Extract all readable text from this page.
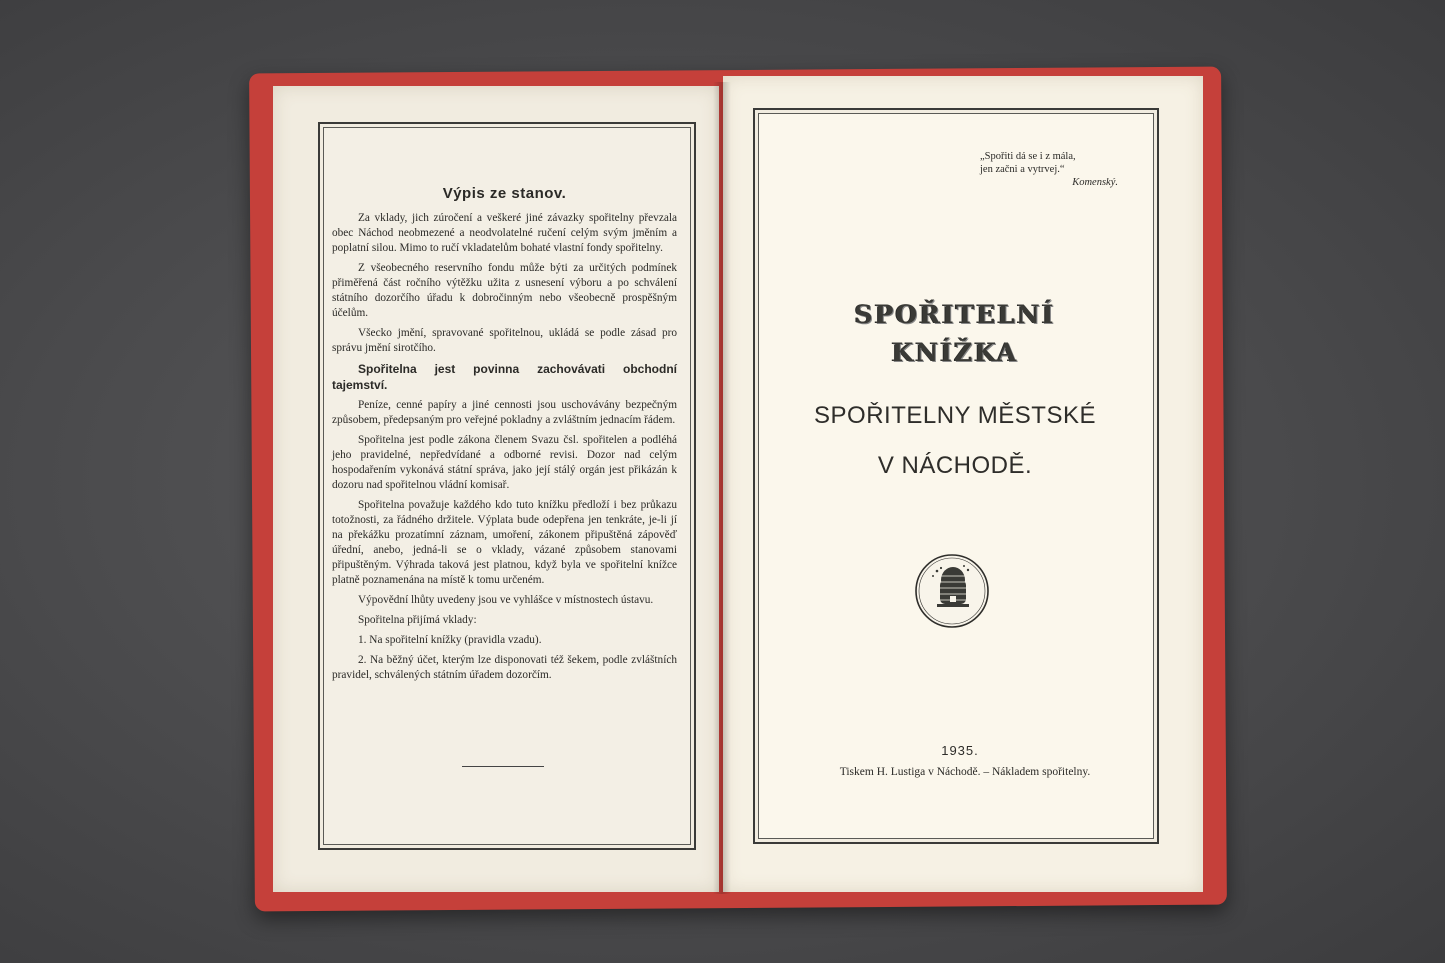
Výpis ze stanov.

Za vklady, jich zúročení a veškeré jiné závazky spořitelny převzala obec Náchod neobmezené a neodvolatelné ručení celým svým jměním a poplatní silou. Mimo to ručí vkladatelům bohaté vlastní fondy spořitelny.

Z všeobecného reservního fondu může býti za určitých podmínek přiměřená část ročního výtěžku užita z usnesení výboru a po schválení státního dozorčího úřadu k dobročinným nebo všeobecně prospěšným účelům.

Všecko jmění, spravované spořitelnou, ukládá se podle zásad pro správu jmění sirotčího.

Spořitelna jest povinna zachovávati obchodní tajemství.

Peníze, cenné papíry a jiné cennosti jsou uschovávány bezpečným způsobem, předepsaným pro veřejné pokladny a zvláštním jednacím řádem.

Spořitelna jest podle zákona členem Svazu čsl. spořitelen a podléhá jeho pravidelné, nepředvídané a odborné revisi. Dozor nad celým hospodařením vykonává státní správa, jako její stálý orgán jest přikázán k dozoru nad spořitelnou vládní komisař.

Spořitelna považuje každého kdo tuto knížku předloží i bez průkazu totožnosti, za řádného držitele. Výplata bude odepřena jen tenkráte, je-li jí na překážku prozatímní záznam, umoření, zákonem připuštěná zápověď úřední, anebo, jedná-li se o vklady, vázané způsobem stanovami připuštěným. Výhrada taková jest platnou, když byla ve spořitelní knížce platně poznamenána na místě k tomu určeném.

Výpovědní lhůty uvedeny jsou ve vyhlášce v místnostech ústavu.

Spořitelna přijímá vklady:

1. Na spořitelní knížky (pravidla vzadu).

2. Na běžný účet, kterým lze disponovati též šekem, podle zvláštních pravidel, schválených státním úřadem dozorčím.

„Spořiti dá se i z mála,
jen začni a vytrvej.“
Komenský.
SPOŘITELNÍ
KNÍŽKA
SPOŘITELNY MĚSTSKÉ
V NÁCHODĚ.
1935.
Tiskem H. Lustiga v Náchodě. – Nákladem spořitelny.
